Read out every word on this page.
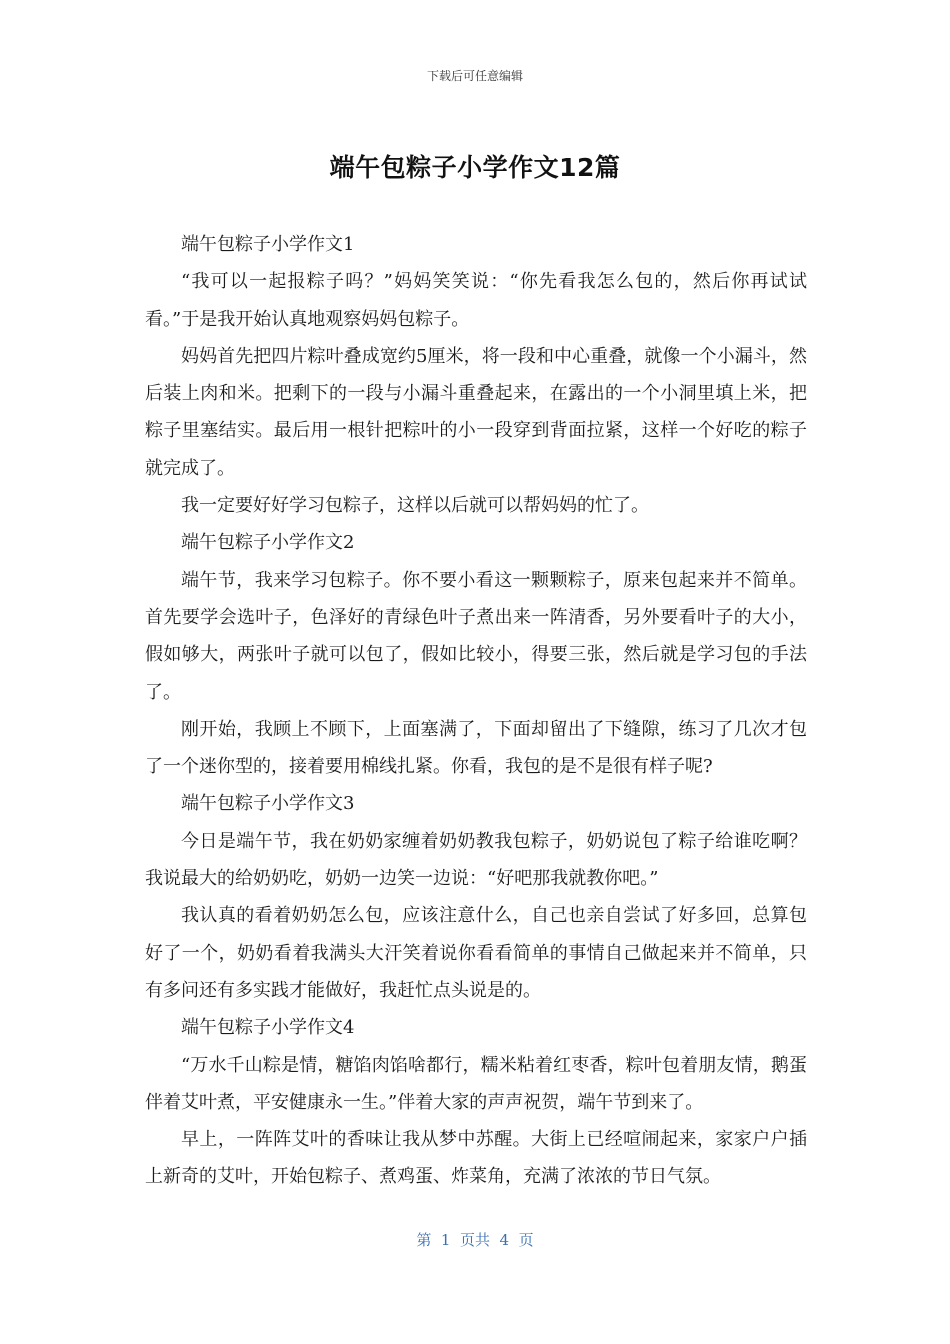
下载后可任意编辑
端午包粽子小学作文12篇

端午包粽子小学作文1

“我可以一起报粽子吗？”妈妈笑笑说：“你先看我怎么包的，然后你再试试看。”于是我开始认真地观察妈妈包粽子。

妈妈首先把四片粽叶叠成宽约5厘米，将一段和中心重叠，就像一个小漏斗，然后装上肉和米。把剩下的一段与小漏斗重叠起来，在露出的一个小洞里填上米，把粽子里塞结实。最后用一根针把粽叶的小一段穿到背面拉紧，这样一个好吃的粽子就完成了。

我一定要好好学习包粽子，这样以后就可以帮妈妈的忙了。

端午包粽子小学作文2

端午节，我来学习包粽子。你不要小看这一颗颗粽子，原来包起来并不简单。首先要学会选叶子，色泽好的青绿色叶子煮出来一阵清香，另外要看叶子的大小，假如够大，两张叶子就可以包了，假如比较小，得要三张，然后就是学习包的手法了。

刚开始，我顾上不顾下，上面塞满了，下面却留出了下缝隙，练习了几次才包了一个迷你型的，接着要用棉线扎紧。你看，我包的是不是很有样子呢?

端午包粽子小学作文3

今日是端午节，我在奶奶家缠着奶奶教我包粽子，奶奶说包了粽子给谁吃啊？我说最大的给奶奶吃，奶奶一边笑一边说：“好吧那我就教你吧。”

我认真的看着奶奶怎么包，应该注意什么，自己也亲自尝试了好多回，总算包好了一个，奶奶看着我满头大汗笑着说你看看简单的事情自己做起来并不简单，只有多问还有多实践才能做好，我赶忙点头说是的。

端午包粽子小学作文4

“万水千山粽是情，糖馅肉馅啥都行，糯米粘着红枣香，粽叶包着朋友情，鹅蛋伴着艾叶煮，平安健康永一生。”伴着大家的声声祝贺，端午节到来了。

早上，一阵阵艾叶的香味让我从梦中苏醒。大街上已经喧闹起来，家家户户插上新奇的艾叶，开始包粽子、煮鸡蛋、炸菜角，充满了浓浓的节日气氛。

第  1  页共  4  页
